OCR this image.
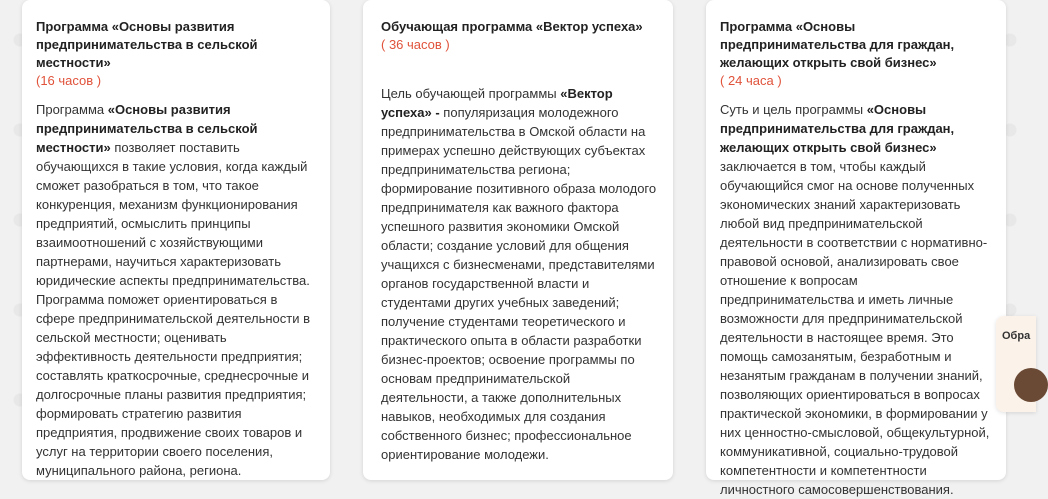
Программа «Основы развития предпринимательства в сельской местности»

(16 часов )

Программа «Основы развития предпринимательства в сельской местности» позволяет поставить обучающихся в такие условия, когда каждый сможет разобраться в том, что такое конкуренция, механизм функционирования предприятий, осмыслить принципы взаимоотношений с хозяйствующими партнерами, научиться характеризовать юридические аспекты предпринимательства. Программа поможет ориентироваться в сфере предпринимательской деятельности в сельской местности; оценивать эффективность деятельности предприятия; составлять краткосрочные, среднесрочные и долгосрочные планы развития предприятия; формировать стратегию развития предприятия, продвижение своих товаров и услуг на территории своего поселения, муниципального района, региона.

Обучающая программа «Вектор успеха»

( 36 часов )

Цель обучающей программы «Вектор успеха» - популяризация молодежного предпринимательства в Омской области на примерах успешно действующих субъектах предпринимательства региона; формирование позитивного образа молодого предпринимателя как важного фактора успешного развития экономики Омской области; создание условий для общения учащихся с бизнесменами, представителями органов государственной власти и студентами других учебных заведений; получение студентами теоретического и практического опыта в области разработки бизнес-проектов; освоение программы по основам предпринимательской деятельности, а также дополнительных навыков, необходимых для создания собственного бизнес; профессиональное ориентирование молодежи.

Программа «Основы предпринимательства для граждан, желающих открыть свой бизнес»

( 24 часа )

Суть и цель программы «Основы предпринимательства для граждан, желающих открыть свой бизнес» заключается в том, чтобы каждый обучающийся смог на основе полученных экономических знаний характеризовать любой вид предпринимательской деятельности в соответствии с нормативно-правовой основой, анализировать свое отношение к вопросам предпринимательства и иметь личные возможности для предпринимательской деятельности в настоящее время. Это помощь самозанятым, безработным и незанятым гражданам в получении знаний, позволяющих ориентироваться в вопросах практической экономики, в формировании у них ценностно-смысловой, общекультурной, коммуникативной, социально-трудовой компетентности и компетентности личностного самосовершенствования.

Обра
